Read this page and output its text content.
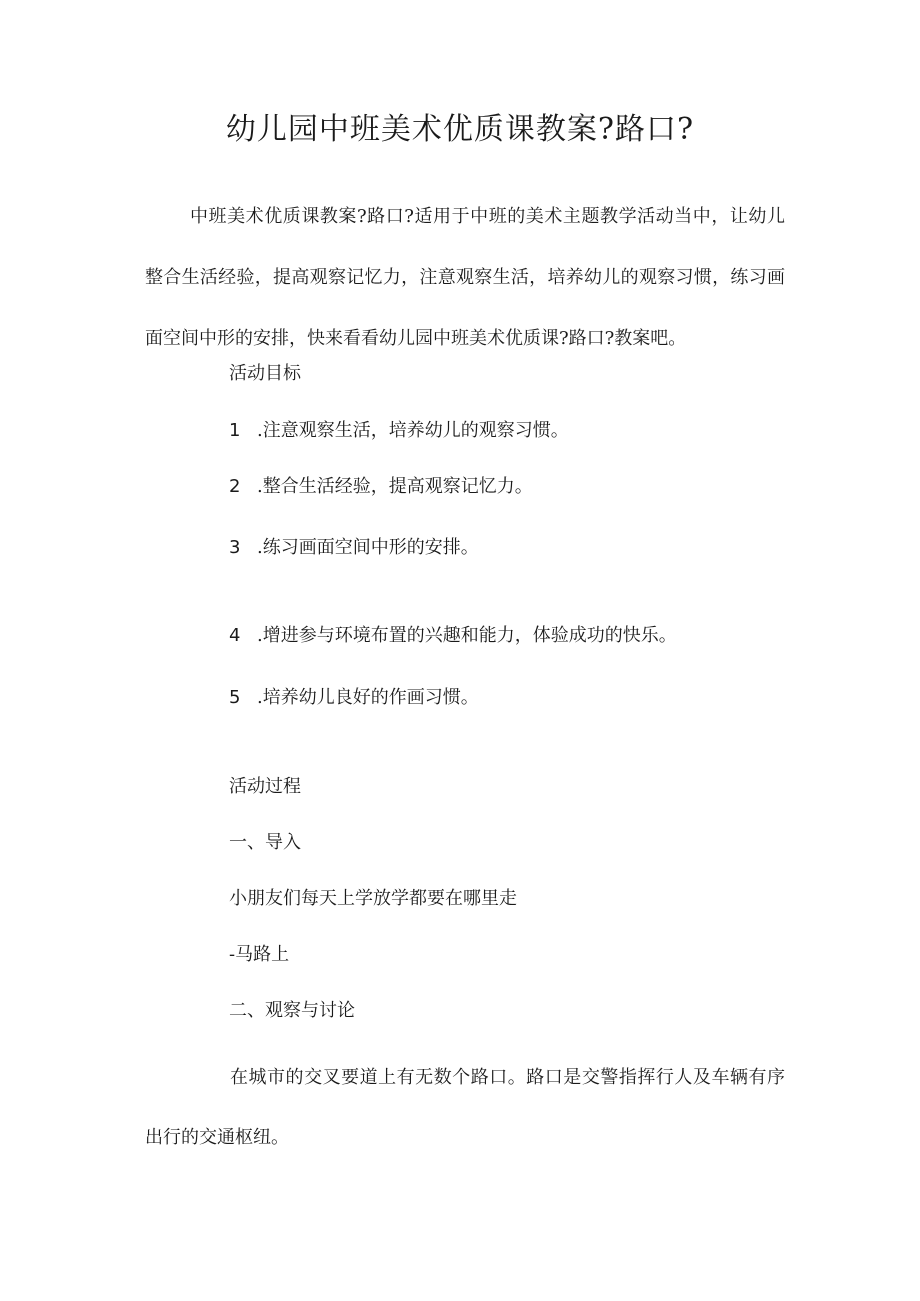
幼儿园中班美术优质课教案?路口?

中班美术优质课教案?路口?适用于中班的美术主题教学活动当中，让幼儿整合生活经验，提高观察记忆力，注意观察生活，培养幼儿的观察习惯，练习画面空间中形的安排，快来看看幼儿园中班美术优质课?路口?教案吧。

活动目标

1 .注意观察生活，培养幼儿的观察习惯。

2 .整合生活经验，提高观察记忆力。

3 .练习画面空间中形的安排。

4 .增进参与环境布置的兴趣和能力，体验成功的快乐。

5 .培养幼儿良好的作画习惯。

活动过程

一、导入

小朋友们每天上学放学都要在哪里走

-马路上

二、观察与讨论

在城市的交叉要道上有无数个路口。路口是交警指挥行人及车辆有序出行的交通枢纽。
